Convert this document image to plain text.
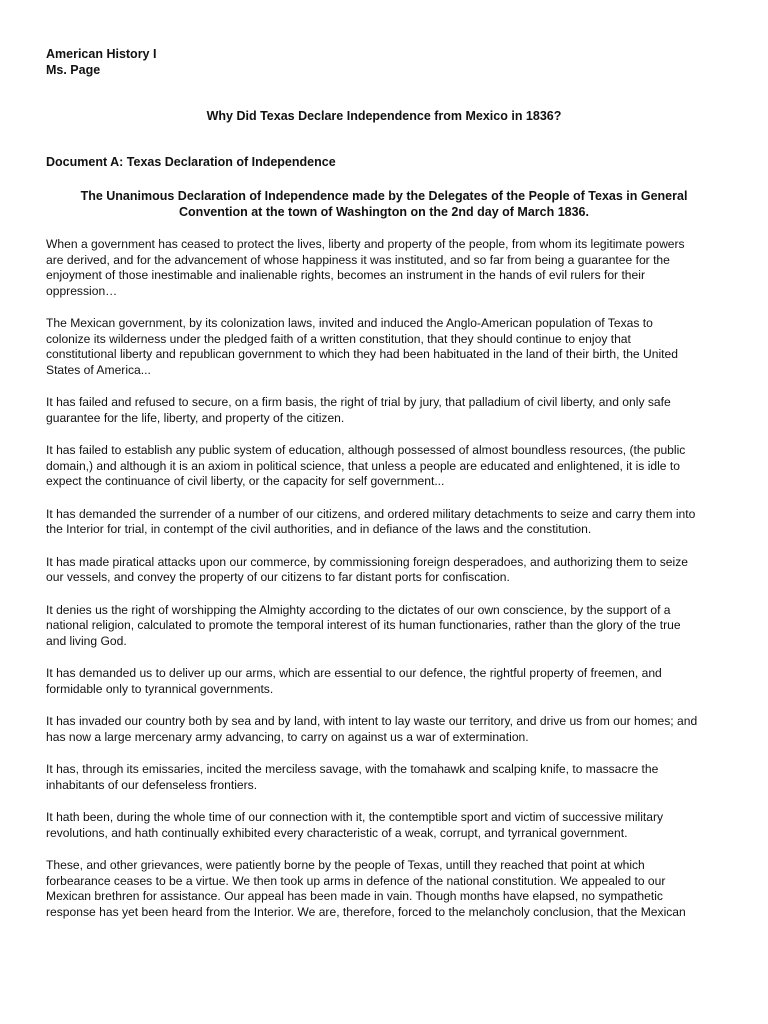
American History I
Ms. Page
Why Did Texas Declare Independence from Mexico in 1836?
Document A: Texas Declaration of Independence
The Unanimous Declaration of Independence made by the Delegates of the People of Texas in General
Convention at the town of Washington on the 2nd day of March 1836.

When a government has ceased to protect the lives, liberty and property of the people, from whom its legitimate powers
are derived, and for the advancement of whose happiness it was instituted, and so far from being a guarantee for the
enjoyment of those inestimable and inalienable rights, becomes an instrument in the hands of evil rulers for their
oppression…

The Mexican government, by its colonization laws, invited and induced the Anglo-American population of Texas to
colonize its wilderness under the pledged faith of a written constitution, that they should continue to enjoy that
constitutional liberty and republican government to which they had been habituated in the land of their birth, the United
States of America...

It has failed and refused to secure, on a firm basis, the right of trial by jury, that palladium of civil liberty, and only safe
guarantee for the life, liberty, and property of the citizen.

It has failed to establish any public system of education, although possessed of almost boundless resources, (the public
domain,) and although it is an axiom in political science, that unless a people are educated and enlightened, it is idle to
expect the continuance of civil liberty, or the capacity for self government...

It has demanded the surrender of a number of our citizens, and ordered military detachments to seize and carry them into
the Interior for trial, in contempt of the civil authorities, and in defiance of the laws and the constitution.

It has made piratical attacks upon our commerce, by commissioning foreign desperadoes, and authorizing them to seize
our vessels, and convey the property of our citizens to far distant ports for confiscation.

It denies us the right of worshipping the Almighty according to the dictates of our own conscience, by the support of a
national religion, calculated to promote the temporal interest of its human functionaries, rather than the glory of the true
and living God.

It has demanded us to deliver up our arms, which are essential to our defence, the rightful property of freemen, and
formidable only to tyrannical governments.

It has invaded our country both by sea and by land, with intent to lay waste our territory, and drive us from our homes; and
has now a large mercenary army advancing, to carry on against us a war of extermination.

It has, through its emissaries, incited the merciless savage, with the tomahawk and scalping knife, to massacre the
inhabitants of our defenseless frontiers.

It hath been, during the whole time of our connection with it, the contemptible sport and victim of successive military
revolutions, and hath continually exhibited every characteristic of a weak, corrupt, and tyrranical government.

These, and other grievances, were patiently borne by the people of Texas, untill they reached that point at which
forbearance ceases to be a virtue. We then took up arms in defence of the national constitution. We appealed to our
Mexican brethren for assistance. Our appeal has been made in vain. Though months have elapsed, no sympathetic
response has yet been heard from the Interior. We are, therefore, forced to the melancholy conclusion, that the Mexican
